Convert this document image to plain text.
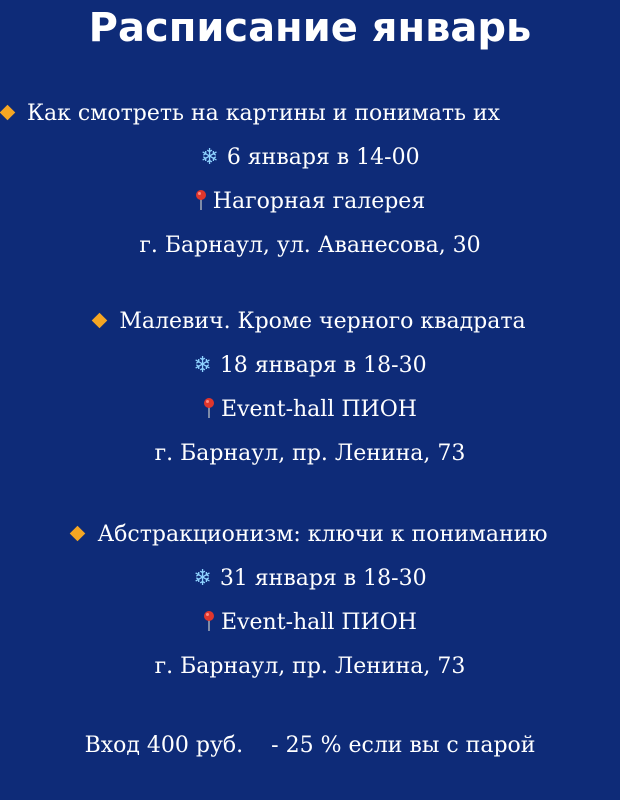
Расписание январь
Как смотреть на картины и понимать их
❄ 6 января в 14-00
Нагорная галерея
г. Барнаул, ул. Аванесова, 30
Малевич. Кроме черного квадрата
❄ 18 января в 18-30
Event-hall ПИОН
г. Барнаул, пр. Ленина, 73
Абстракционизм: ключи к пониманию
❄ 31 января в 18-30
Event-hall ПИОН
г. Барнаул, пр. Ленина, 73
Вход 400 руб. - 25 % если вы с парой
